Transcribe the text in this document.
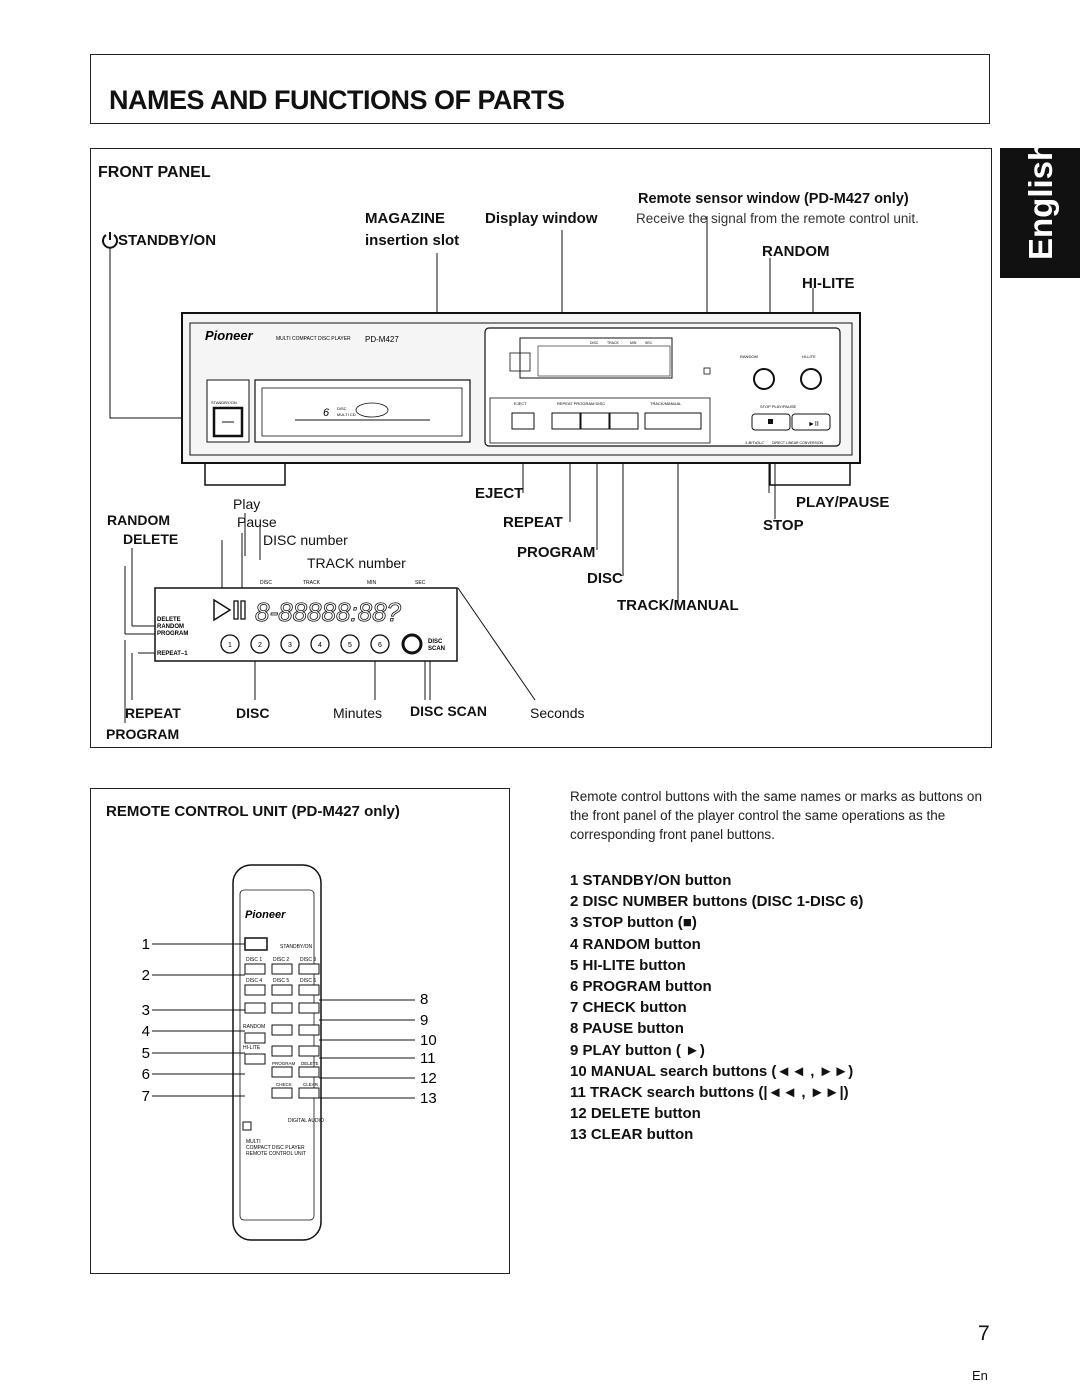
NAMES AND FUNCTIONS OF PARTS
English
FRONT PANEL
STANDBY/ON
MAGAZINE
insertion slot
Display window
Remote sensor window (PD-M427 only)
Receive the signal from the remote control unit.
RANDOM
HI-LITE
EJECT
REPEAT
PROGRAM
DISC
TRACK/MANUAL
PLAY/PAUSE
STOP
Play
Pause
RANDOM
DELETE	DISC number
TRACK number
REPEAT
PROGRAM
DISC	Minutes DISC SCAN	Seconds
Pioneer	MULTI COMPACT DISC PLAYER PD-M427
STANDBY/ON
6 DISC
MULTI CD
DISC TRACK	MIN SEC
RANDOM	HI-LITE
EJECT	REPEAT PROGRAM DISC	TRACK/MANUAL
STOP PLAY/PAUSE
►II
1-BIT•DLC DIRECT LINEAR CONVERSION
DISC	TRACK	MIN	SEC
DELETE
RANDOM
PROGRAM
REPEAT–1
8-88888:88?
1	2	3	4	5	6	DISC
SCAN
REMOTE CONTROL UNIT (PD-M427 only)
Pioneer
STANDBY/ON
DISC 1 DISC 2 DISC 3
DISC 4 DISC 5 DISC 6
RANDOM
HI-LITE
PROGRAM DELETE
CHECK CLEAR
DIGITAL AUDIO
MULTI
COMPACT DISC PLAYER
REMOTE CONTROL UNIT
1
2
3
4
5
6
7
8
9
10
11
12
13
Remote control buttons with the same names or marks as buttons on the front panel of the player control the same operations as the corresponding front panel buttons.
1 STANDBY/ON button
2 DISC NUMBER buttons (DISC 1-DISC 6)
3 STOP button (■)
4 RANDOM button
5 HI-LITE button
6 PROGRAM button
7 CHECK button
8 PAUSE button
9 PLAY button ( ►)
10 MANUAL search buttons (◄◄ , ►►)
11 TRACK search buttons (|◄◄ , ►►|)
12 DELETE button
13 CLEAR button
7
En
